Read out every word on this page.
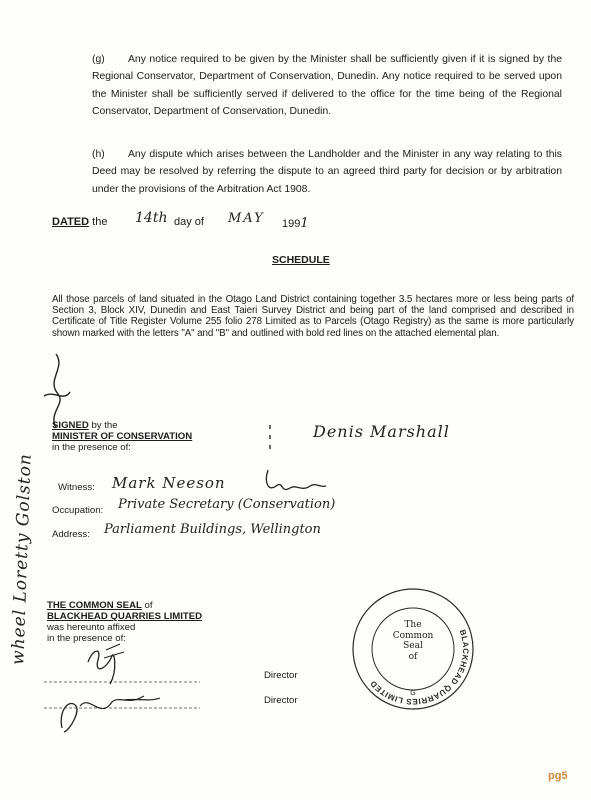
(g) Any notice required to be given by the Minister shall be sufficiently given if it is signed by the Regional Conservator, Department of Conservation, Dunedin. Any notice required to be served upon the Minister shall be sufficiently served if delivered to the office for the time being of the Regional Conservator, Department of Conservation, Dunedin.
(h) Any dispute which arises between the Landholder and the Minister in any way relating to this Deed may be resolved by referring the dispute to an agreed third party for decision or by arbitration under the provisions of the Arbitration Act 1908.
DATED the 14th day of MAY 1991
SCHEDULE
All those parcels of land situated in the Otago Land District containing together 3.5 hectares more or less being parts of Section 3, Block XIV, Dunedin and East Taieri Survey District and being part of the land comprised and described in Certificate of Title Register Volume 255 folio 278 Limited as to Parcels (Otago Registry) as the same is more particularly shown marked with the letters "A" and "B" and outlined with bold red lines on the attached elemental plan.
SIGNED by the
MINISTER OF CONSERVATION
in the presence of:
Denis Marshall
Witness: Mark Neeson
Occupation: Private Secretary (Conservation)
Address: Parliament Buildings, Wellington
THE COMMON SEAL of
BLACKHEAD QUARRIES LIMITED
was hereunto affixed
in the presence of:
Director
Director
BLACKHEAD QUARRIES LIMITED
The
Common
Seal
of
G
wheel Loretty Golston
pg5
